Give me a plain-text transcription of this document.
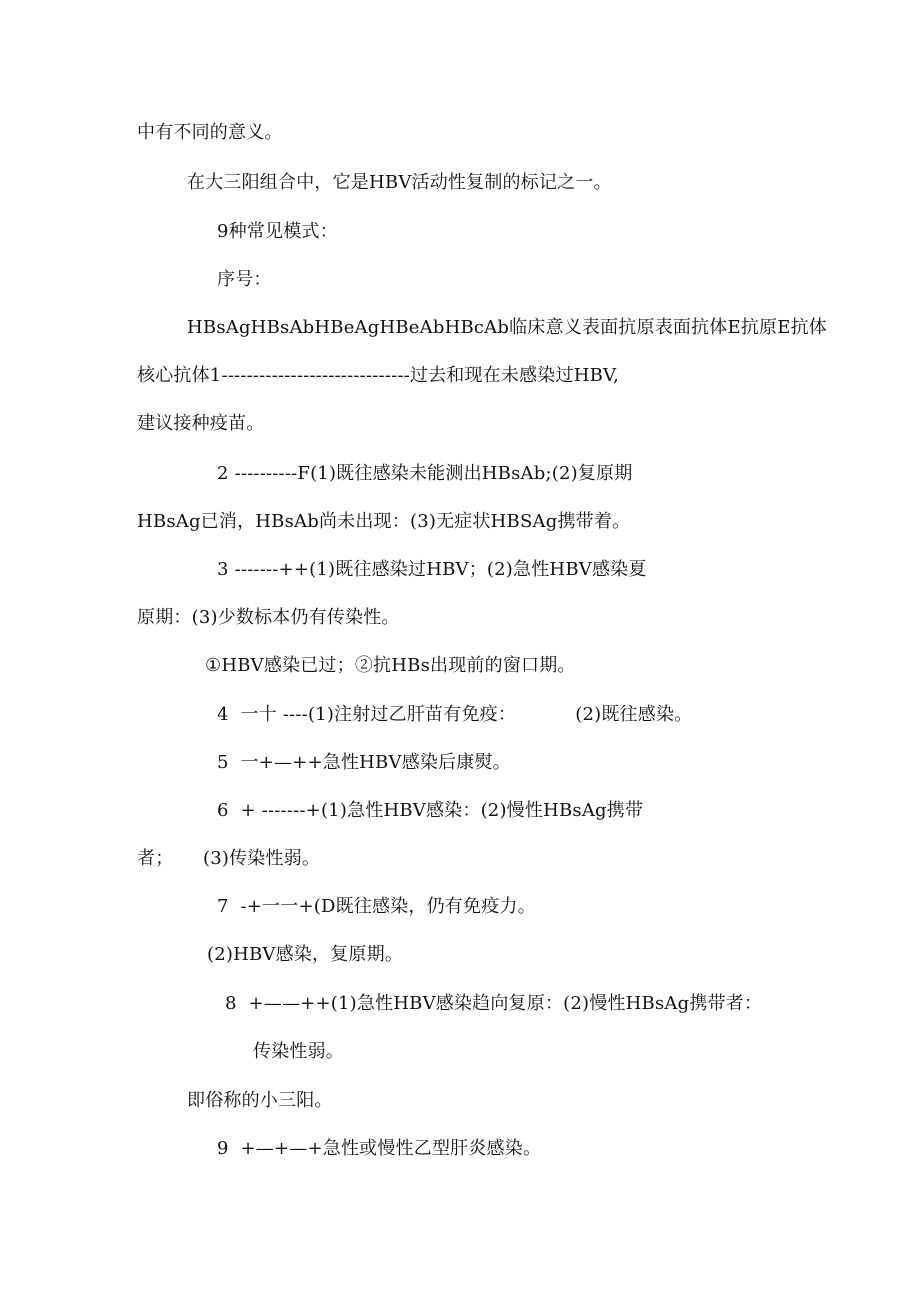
中有不同的意义。
在大三阳组合中，它是HBV活动性复制的标记之一。
9种常见模式：
序号：
HBsAgHBsAbHBeAgHBeAbHBcAb临床意义表面抗原表面抗体E抗原E抗体
核心抗体1------------------------------过去和现在未感染过HBV,
建议接种疫苗。
2 ----------F(1)既往感染未能测出HBsAb;(2)复原期
HBsAg已消，HBsAb尚未出现：(3)无症状HBSAg携带着。
3 -------++(1)既往感染过HBV；(2)急性HBV感染夏
原期：(3)少数标本仍有传染性。
①HBV感染已过；②抗HBs出现前的窗口期。
4  一十 ----(1)注射过乙肝苗有免疫：          (2)既往感染。
5  一+—++急性HBV感染后康熨。
6  + -------+(1)急性HBV感染：(2)慢性HBsAg携带
者；     (3)传染性弱。
7  -+一一+(D既往感染，仍有免疫力。
(2)HBV感染，复原期。
8  +——++(1)急性HBV感染趋向复原：(2)慢性HBsAg携带者：
传染性弱。
即俗称的小三阳。
9  +—+—+急性或慢性乙型肝炎感染。
